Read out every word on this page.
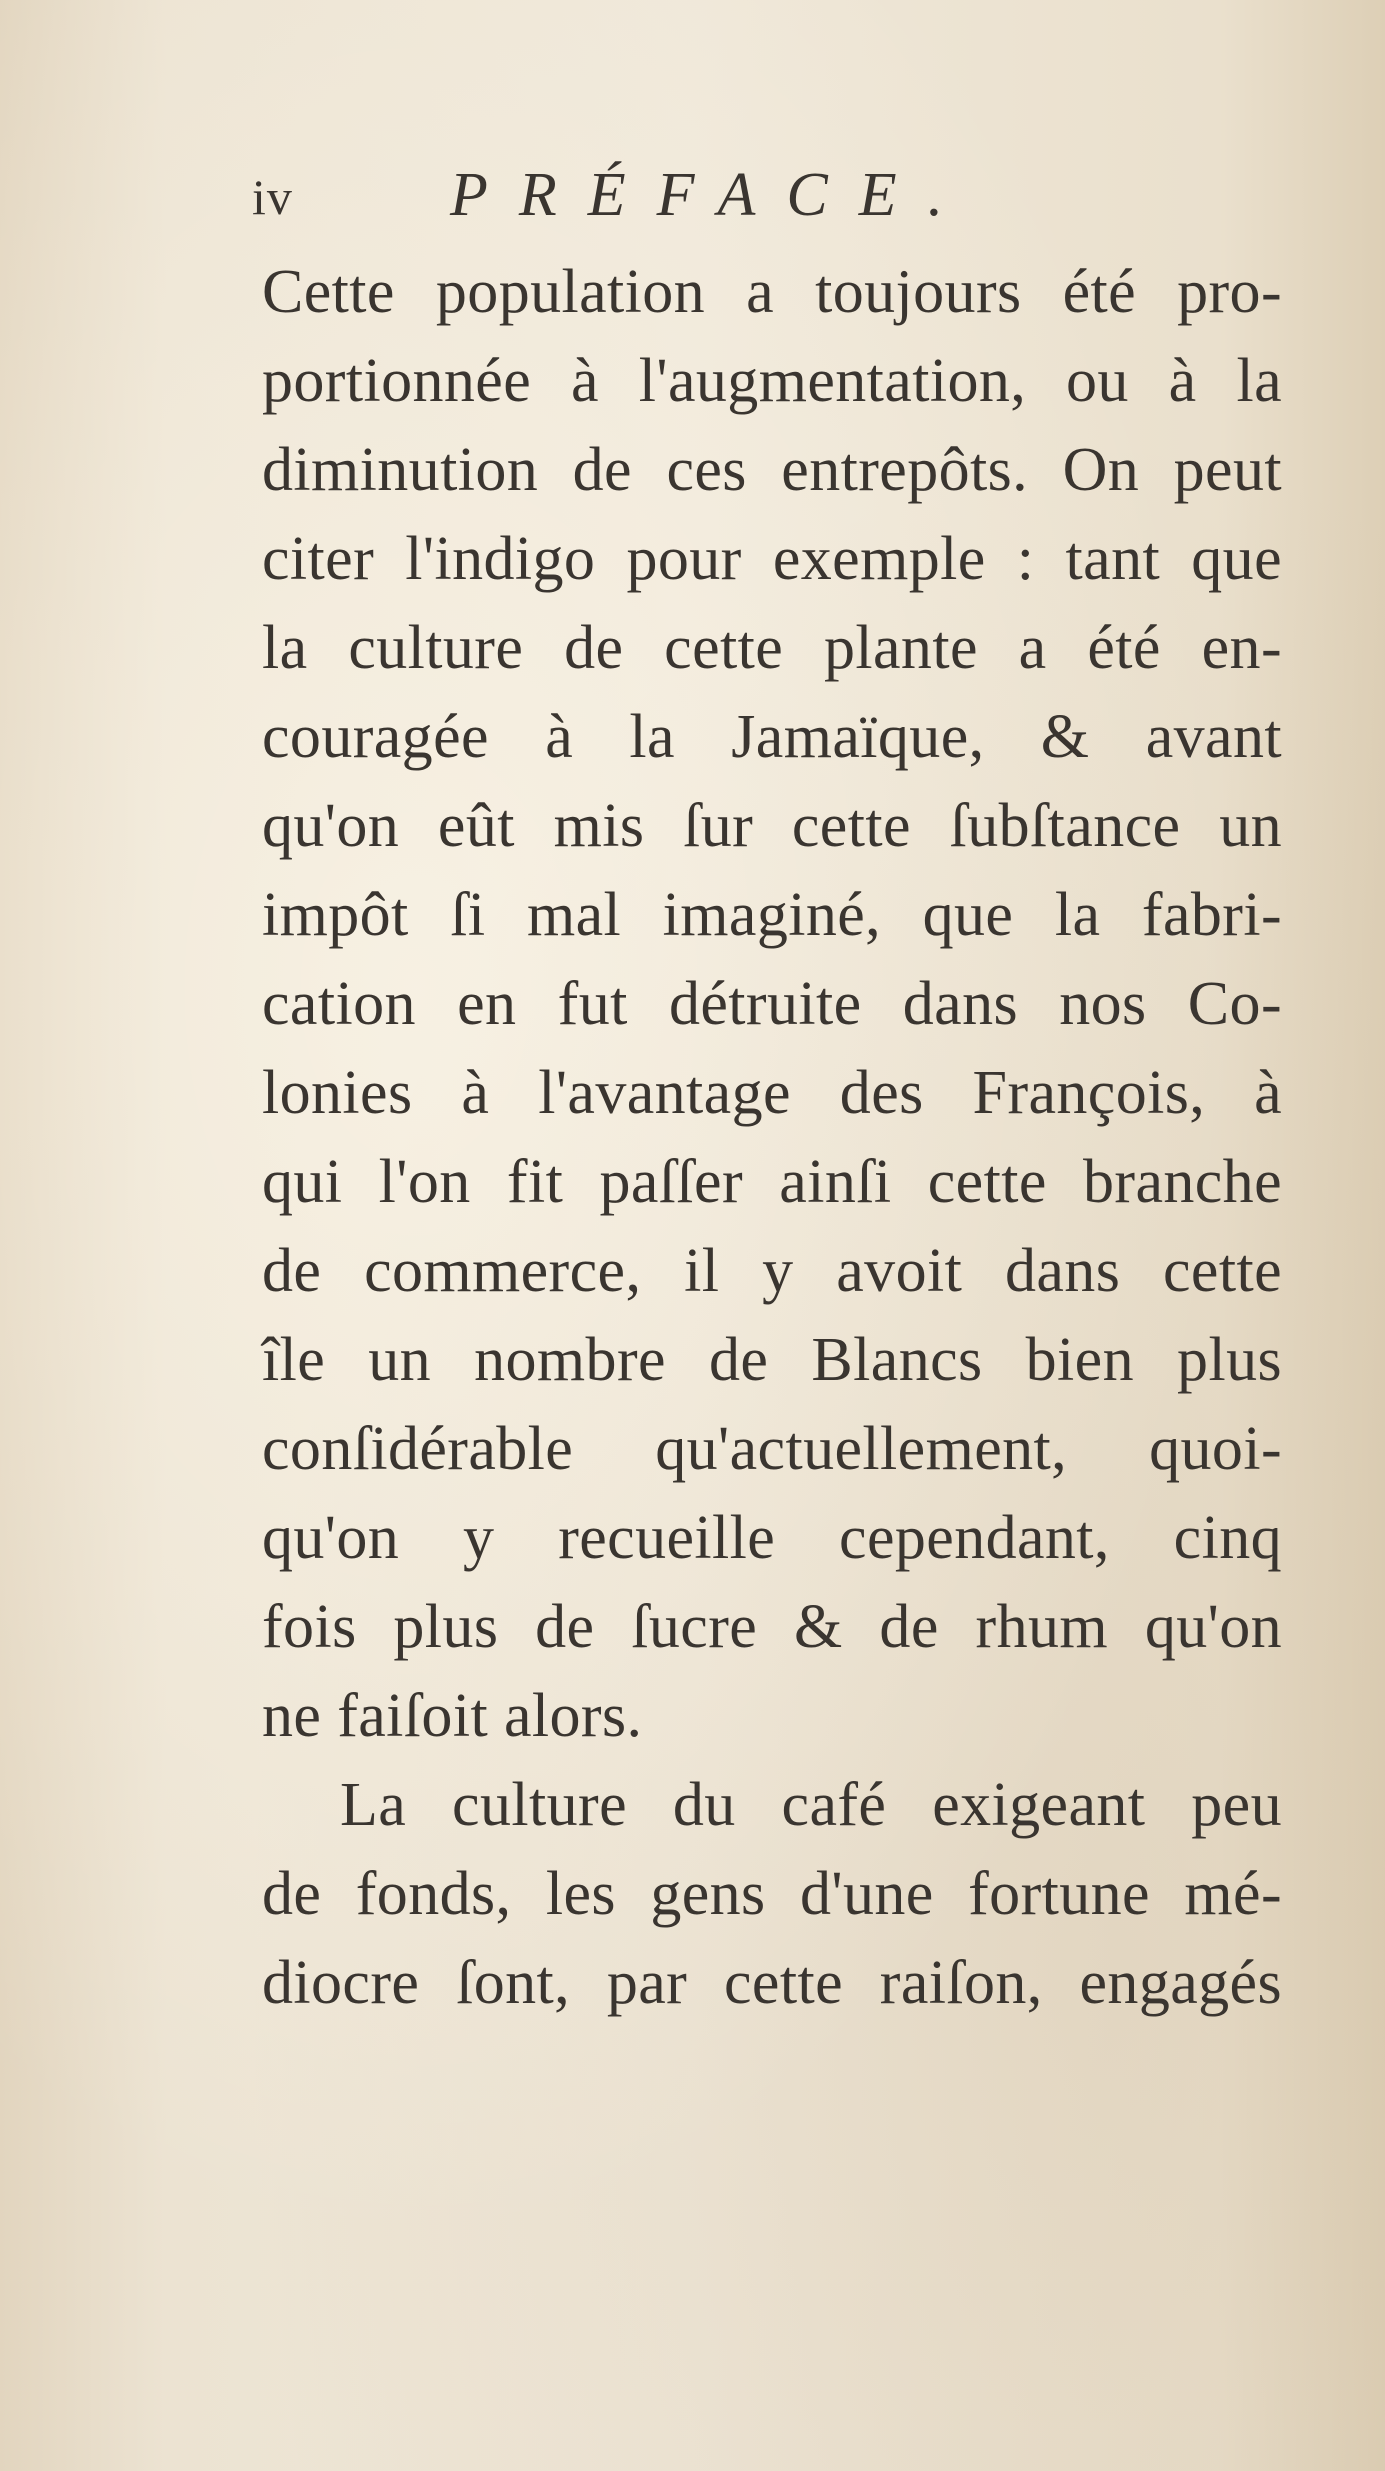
iv	PRÉFACE.
Cette population a toujours été pro-
portionnée à l'augmentation, ou à la
diminution de ces entrepôts. On peut
citer l'indigo pour exemple : tant que
la culture de cette plante a été en-
couragée à la Jamaïque, & avant
qu'on eût mis ſur cette ſubſtance un
impôt ſi mal imaginé, que la fabri-
cation en fut détruite dans nos Co-
lonies à l'avantage des François, à
qui l'on fit paſſer ainſi cette branche
de commerce, il y avoit dans cette
île un nombre de Blancs bien plus
conſidérable qu'actuellement, quoi-
qu'on y recueille cependant, cinq
fois plus de ſucre & de rhum qu'on
ne faiſoit alors.
La culture du café exigeant peu
de fonds, les gens d'une fortune mé-
diocre ſont, par cette raiſon, engagés
